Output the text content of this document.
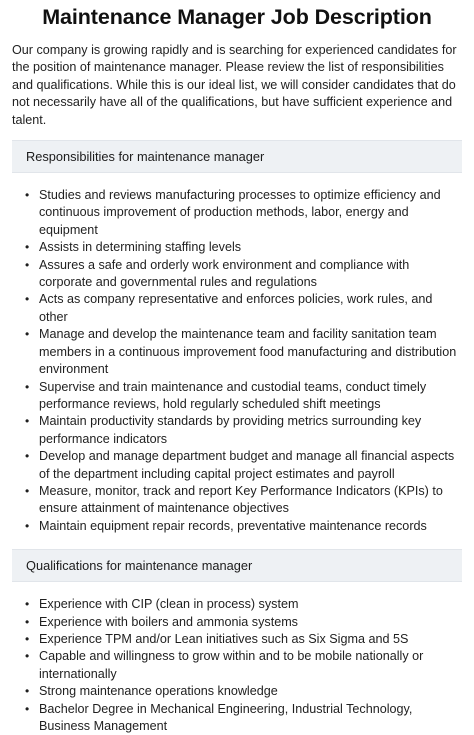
Maintenance Manager Job Description

Our company is growing rapidly and is searching for experienced candidates for the position of maintenance manager. Please review the list of responsibilities and qualifications. While this is our ideal list, we will consider candidates that do not necessarily have all of the qualifications, but have sufficient experience and talent.

Responsibilities for maintenance manager
• Studies and reviews manufacturing processes to optimize efficiency and continuous improvement of production methods, labor, energy and equipment
• Assists in determining staffing levels
• Assures a safe and orderly work environment and compliance with corporate and governmental rules and regulations
• Acts as company representative and enforces policies, work rules, and other
• Manage and develop the maintenance team and facility sanitation team members in a continuous improvement food manufacturing and distribution environment
• Supervise and train maintenance and custodial teams, conduct timely performance reviews, hold regularly scheduled shift meetings
• Maintain productivity standards by providing metrics surrounding key performance indicators
• Develop and manage department budget and manage all financial aspects of the department including capital project estimates and payroll
• Measure, monitor, track and report Key Performance Indicators (KPIs) to ensure attainment of maintenance objectives
• Maintain equipment repair records, preventative maintenance records
Qualifications for maintenance manager
• Experience with CIP (clean in process) system
• Experience with boilers and ammonia systems
• Experience TPM and/or Lean initiatives such as Six Sigma and 5S
• Capable and willingness to grow within and to be mobile nationally or internationally
• Strong maintenance operations knowledge
• Bachelor Degree in Mechanical Engineering, Industrial Technology, Business Management
